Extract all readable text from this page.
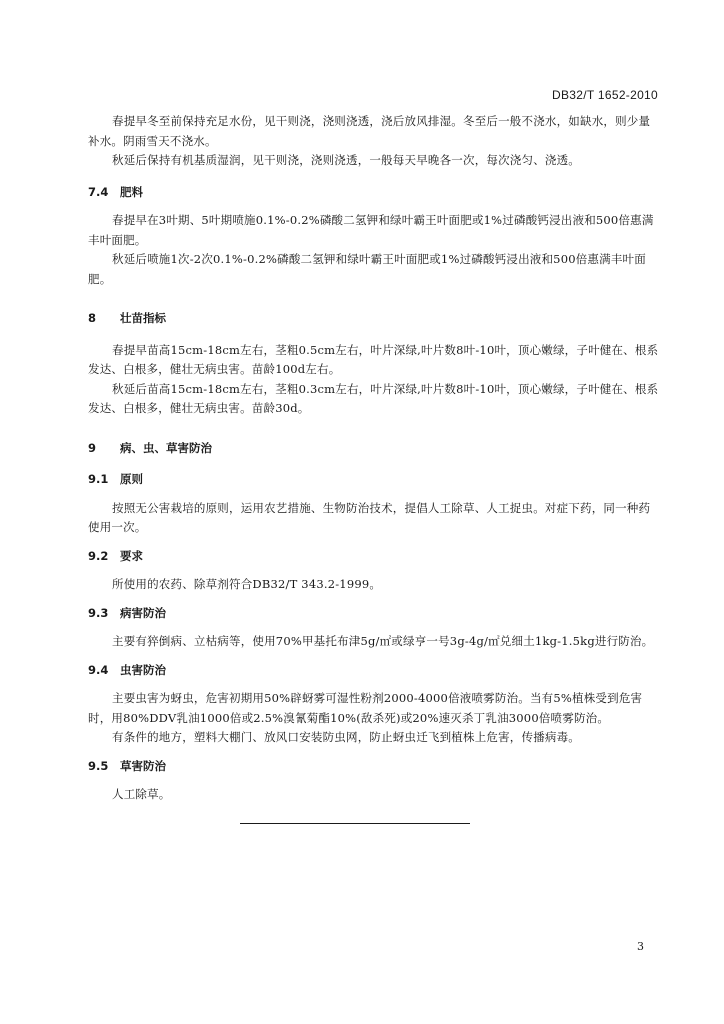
DB32/T 1652-2010

春提早冬至前保持充足水份，见干则浇，浇则浇透，浇后放风排湿。冬至后一般不浇水，如缺水，则少量补水。阴雨雪天不浇水。

秋延后保持有机基质湿润，见干则浇，浇则浇透，一般每天早晚各一次，每次浇匀、浇透。

7.4 肥料

春提早在3叶期、5叶期喷施0.1%-0.2%磷酸二氢钾和绿叶霸王叶面肥或1%过磷酸钙浸出液和500倍惠满丰叶面肥。

秋延后喷施1次-2次0.1%-0.2%磷酸二氢钾和绿叶霸王叶面肥或1%过磷酸钙浸出液和500倍惠满丰叶面肥。

8 壮苗指标

春提早苗高15cm-18cm左右，茎粗0.5cm左右，叶片深绿,叶片数8叶-10叶，顶心嫩绿，子叶健在、根系发达、白根多，健壮无病虫害。苗龄100d左右。

秋延后苗高15cm-18cm左右，茎粗0.3cm左右，叶片深绿,叶片数8叶-10叶，顶心嫩绿，子叶健在、根系发达、白根多，健壮无病虫害。苗龄30d。

9 病、虫、草害防治

9.1 原则

按照无公害栽培的原则，运用农艺措施、生物防治技术，提倡人工除草、人工捉虫。对症下药，同一种药使用一次。

9.2 要求

所使用的农药、除草剂符合DB32/T 343.2-1999。

9.3 病害防治

主要有猝倒病、立枯病等，使用70%甲基托布津5g/㎡或绿亨一号3g-4g/㎡兑细土1kg-1.5kg进行防治。

9.4 虫害防治

主要虫害为蚜虫，危害初期用50%辟蚜雾可湿性粉剂2000-4000倍液喷雾防治。当有5%植株受到危害时，用80%DDV乳油1000倍或2.5%溴氰菊酯10%(敌杀死)或20%速灭杀丁乳油3000倍喷雾防治。

有条件的地方，塑料大棚门、放风口安装防虫网，防止蚜虫迁飞到植株上危害，传播病毒。

9.5 草害防治

人工除草。

3
